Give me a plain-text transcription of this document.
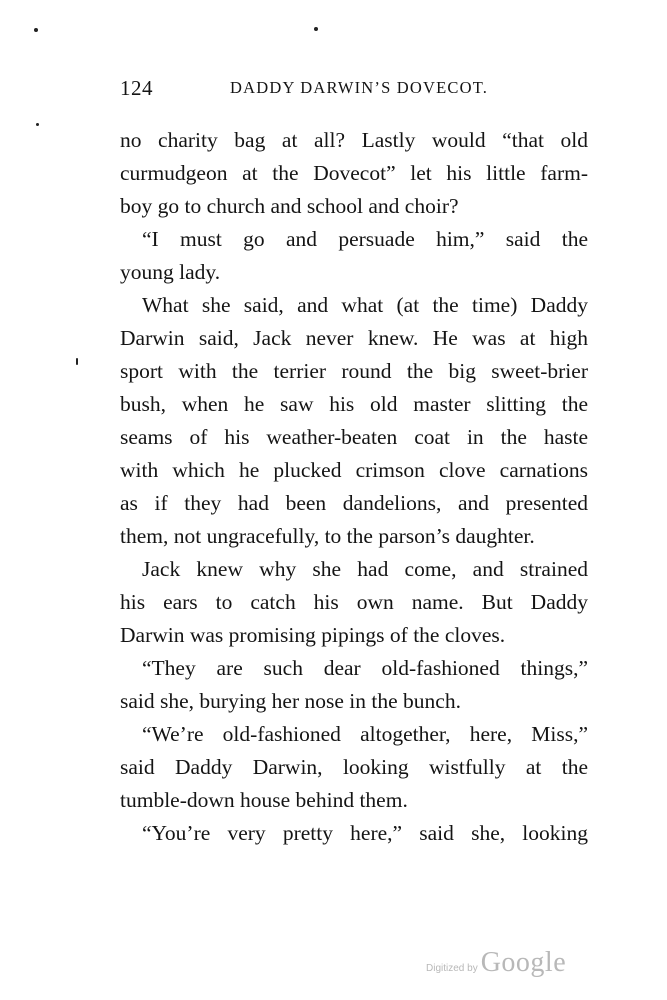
124	DADDY DARWIN’S DOVECOT.
no charity bag at all? Lastly would “that old
curmudgeon at the Dovecot” let his little farm-
boy go to church and school and choir?
“I must go and persuade him,” said the
young lady.
What she said, and what (at the time) Daddy
Darwin said, Jack never knew. He was at high
sport with the terrier round the big sweet-brier
bush, when he saw his old master slitting the
seams of his weather-beaten coat in the haste
with which he plucked crimson clove carnations
as if they had been dandelions, and presented
them, not ungracefully, to the parson’s daughter.
Jack knew why she had come, and strained
his ears to catch his own name. But Daddy
Darwin was promising pipings of the cloves.
“They are such dear old-fashioned things,”
said she, burying her nose in the bunch.
“We’re old-fashioned altogether, here, Miss,”
said Daddy Darwin, looking wistfully at the
tumble-down house behind them.
“You’re very pretty here,” said she, looking
Digitized by Google
